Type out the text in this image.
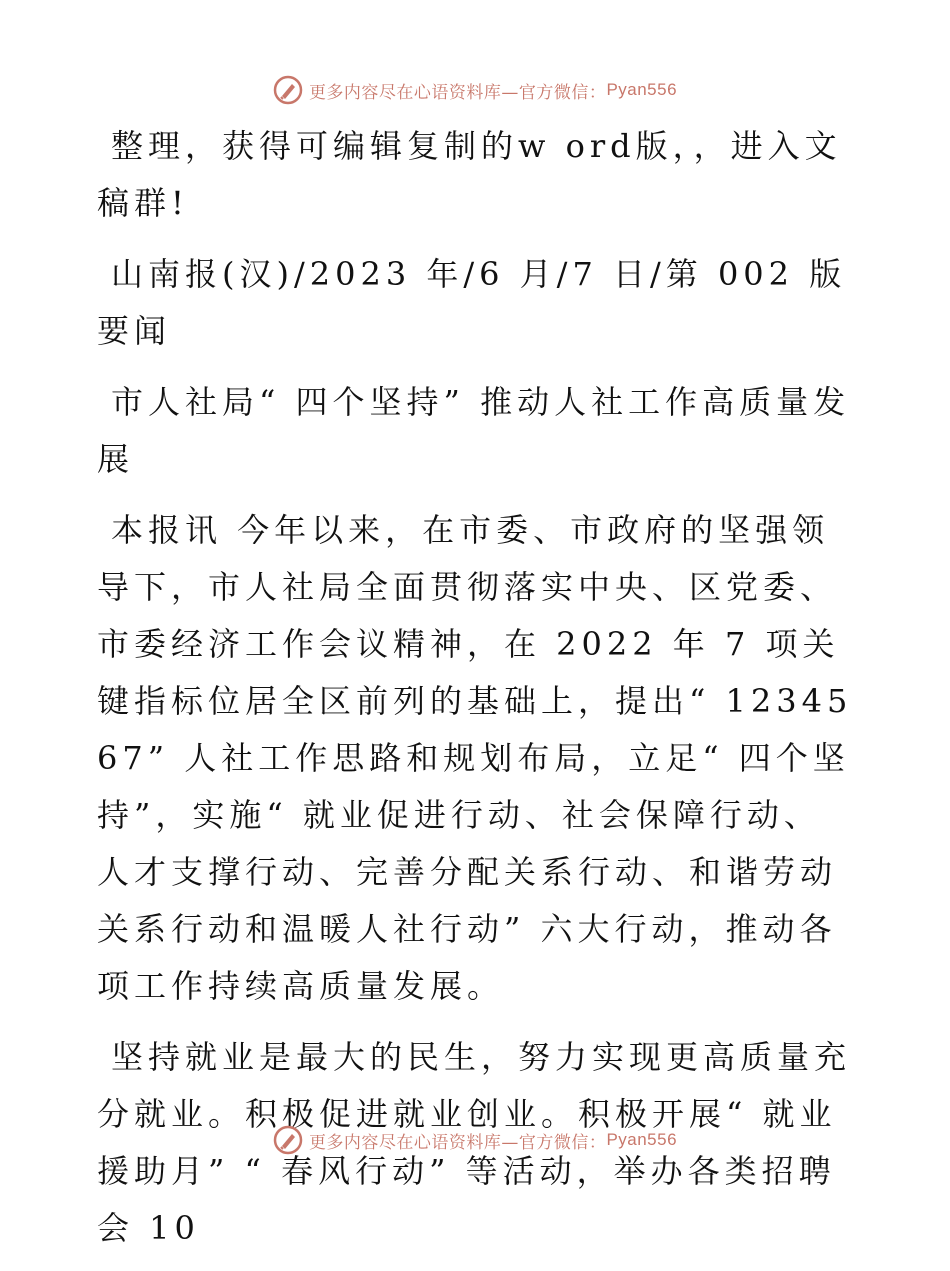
更多内容尽在心语资料库—官方微信： Pyan556

整理，获得可编辑复制的w ord版，，进入文稿群!

山南报(汉)/2023 年/6 月/7 日/第 002 版要闻

市人社局“ 四个坚持” 推动人社工作高质量发展

本报讯 今年以来，在市委、市政府的坚强领导下，市人社局全面贯彻落实中央、区党委、市委经济工作会议精神，在 2022 年 7 项关键指标位居全区前列的基础上，提出“ 1234567” 人社工作思路和规划布局，立足“ 四个坚持”，实施“ 就业促进行动、社会保障行动、人才支撑行动、完善分配关系行动、和谐劳动关系行动和温暖人社行动” 六大行动，推动各项工作持续高质量发展。

坚持就业是最大的民生，努力实现更高质量充分就业。积极促进就业创业。积极开展“ 就业援助月” “ 春风行动” 等活动，举办各类招聘会 10

更多内容尽在心语资料库—官方微信： Pyan556
